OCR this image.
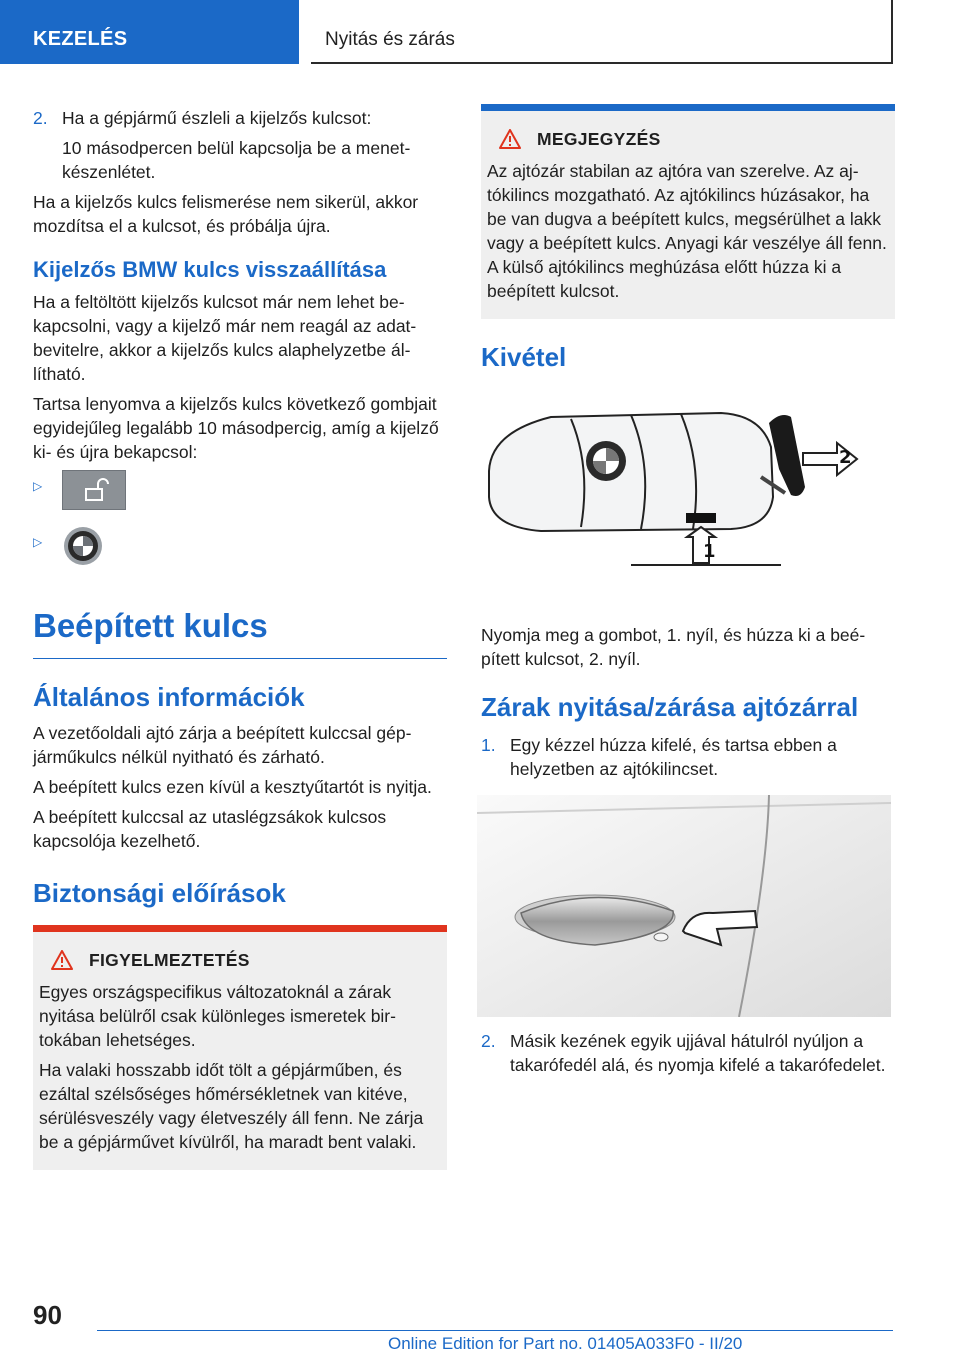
KEZELÉS	Nyitás és zárás
2. Ha a gépjármű észleli a kijelzős kulcsot:

10 másodpercen belül kapcsolja be a menetkészenlétet.

Ha a kijelzős kulcs felismerése nem sikerül, akkor mozdítsa el a kulcsot, és próbálja újra.

Kijelzős BMW kulcs visszaállítása

Ha a feltöltött kijelzős kulcsot már nem lehet bekapcsolni, vagy a kijelző már nem reagál az adatbevitelre, akkor a kijelzős kulcs alaphelyzetbe állítható.

Tartsa lenyomva a kijelzős kulcs következő gombjait egyidejűleg legalább 10 másodpercig, amíg a kijelző ki- és újra bekapcsol:

▷
▷
Beépített kulcs
Általános információk

A vezetőoldali ajtó zárja a beépített kulccsal gépjárműkulcs nélkül nyitható és zárható.

A beépített kulcs ezen kívül a kesztyűtartót is nyitja.

A beépített kulccsal az utaslégzsákok kulcsos kapcsolója kezelhető.

Biztonsági előírások
FIGYELMEZTETÉS

Egyes országspecifikus változatoknál a zárak nyitása belülről csak különleges ismeretek birtokában lehetséges.

Ha valaki hosszabb időt tölt a gépjárműben, és ezáltal szélsőséges hőmérsékletnek van kitéve, sérülésveszély vagy életveszély áll fenn. Ne zárja be a gépjárművet kívülről, ha maradt bent valaki.

MEGJEGYZÉS

Az ajtózár stabilan az ajtóra van szerelve. Az ajtókilincs mozgatható. Az ajtókilincs húzásakor, ha be van dugva a beépített kulcs, megsérülhet a lakk vagy a beépített kulcs. Anyagi kár veszélye áll fenn. A külső ajtókilincs meghúzása előtt húzza ki a beépített kulcsot.

Kivétel
2
1

Nyomja meg a gombot, 1. nyíl, és húzza ki a beépített kulcsot, 2. nyíl.

Zárak nyitása/zárása ajtózárral
1. Egy kézzel húzza kifelé, és tartsa ebben a helyzetben az ajtókilincset.
2. Másik kezének egyik ujjával hátulról nyúljon a takarófedél alá, és nyomja kifelé a takarófedelet.
90
Online Edition for Part no. 01405A033F0 - II/20
